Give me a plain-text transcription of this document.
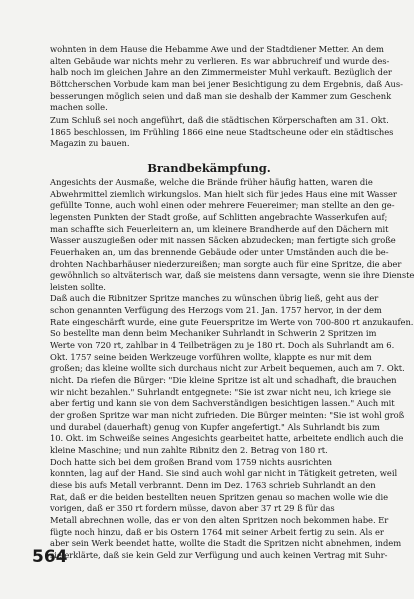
wohnten in dem Hause die Hebamme Awe und der Stadtdiener Metter. An dem
alten Gebäude war nichts mehr zu verlieren. Es war abbruchreif und wurde des-
halb noch im gleichen Jahre an den Zimmermeister Muhl verkauft. Bezüglich der
Böttcherschen Vorbude kam man bei jener Besichtigung zu dem Ergebnis, daß Aus-
besserungen möglich seien und daß man sie deshalb der Kammer zum Geschenk
machen solle.
Zum Schluß sei noch angeführt, daß die städtischen Körperschaften am 31. Okt.
1865 beschlossen, im Frühling 1866 eine neue Stadtscheune oder ein städtisches
Magazin zu bauen.
Brandbekämpfung.
Angesichts der Ausmaße, welche die Brände früher häufig hatten, waren die
Abwehrmittel ziemlich wirkungslos. Man hielt sich für jedes Haus eine mit Wasser
gefüllte Tonne, auch wohl einen oder mehrere Feuereimer; man stellte an den ge-
legensten Punkten der Stadt große, auf Schlitten angebrachte Wasserkufen auf;
man schaffte sich Feuerleitern an, um kleinere Brandherde auf den Dächern mit
Wasser auszugießen oder mit nassen Säcken abzudecken; man fertigte sich große
Feuerhaken an, um das brennende Gebäude oder unter Umständen auch die be-
drohten Nachbarhäuser niederzureißen; man sorgte auch für eine Spritze, die aber
gewöhnlich so altväterisch war, daß sie meistens dann versagte, wenn sie ihre Dienste
leisten sollte.
Daß auch die Ribnitzer Spritze manches zu wünschen übrig ließ, geht aus der
schon genannten Verfügung des Herzogs vom 21. Jan. 1757 hervor, in der dem
Rate eingeschärft wurde, eine gute Feuerspritze im Werte von 700-800 rt anzukaufen.
So bestellte man denn beim Mechaniker Suhrlandt in Schwerin 2 Spritzen im
Werte von 720 rt, zahlbar in 4 Teilbeträgen zu je 180 rt. Doch als Suhrlandt am 6.
Okt. 1757 seine beiden Werkzeuge vorführen wollte, klappte es nur mit dem
großen; das kleine wollte sich durchaus nicht zur Arbeit bequemen, auch am 7. Okt.
nicht. Da riefen die Bürger: "Die kleine Spritze ist alt und schadhaft, die brauchen
wir nicht bezahlen." Suhrlandt entgegnete: "Sie ist zwar nicht neu, ich kriege sie
aber fertig und kann sie von dem Sachverständigen besichtigen lassen." Auch mit
der großen Spritze war man nicht zufrieden. Die Bürger meinten: "Sie ist wohl groß
und durabel (dauerhaft) genug von Kupfer angefertigt." Als Suhrlandt bis zum
10. Okt. im Schweiße seines Angesichts gearbeitet hatte, arbeitete endlich auch die
kleine Maschine; und nun zahlte Ribnitz den 2. Betrag von 180 rt.
Doch hatte sich bei dem großen Brand vom 1759 nichts ausrichten
konnten, lag auf der Hand. Sie sind auch wohl gar nicht in Tätigkeit getreten, weil
diese bis aufs Metall verbrannt. Denn im Dez. 1763 schrieb Suhrlandt an den
Rat, daß er die beiden bestellten neuen Spritzen genau so machen wolle wie die
vorigen, daß er 350 rt fordern müsse, davon aber 37 rt 29 ß für das
Metall abrechnen wolle, das er von den alten Spritzen noch bekommen habe. Er
fügte noch hinzu, daß er bis Ostern 1764 mit seiner Arbeit fertig zu sein. Als er
aber sein Werk beendet hatte, wollte die Stadt die Spritzen nicht abnehmen, indem
sie erklärte, daß sie kein Geld zur Verfügung und auch keinen Vertrag mit Suhr-
564
